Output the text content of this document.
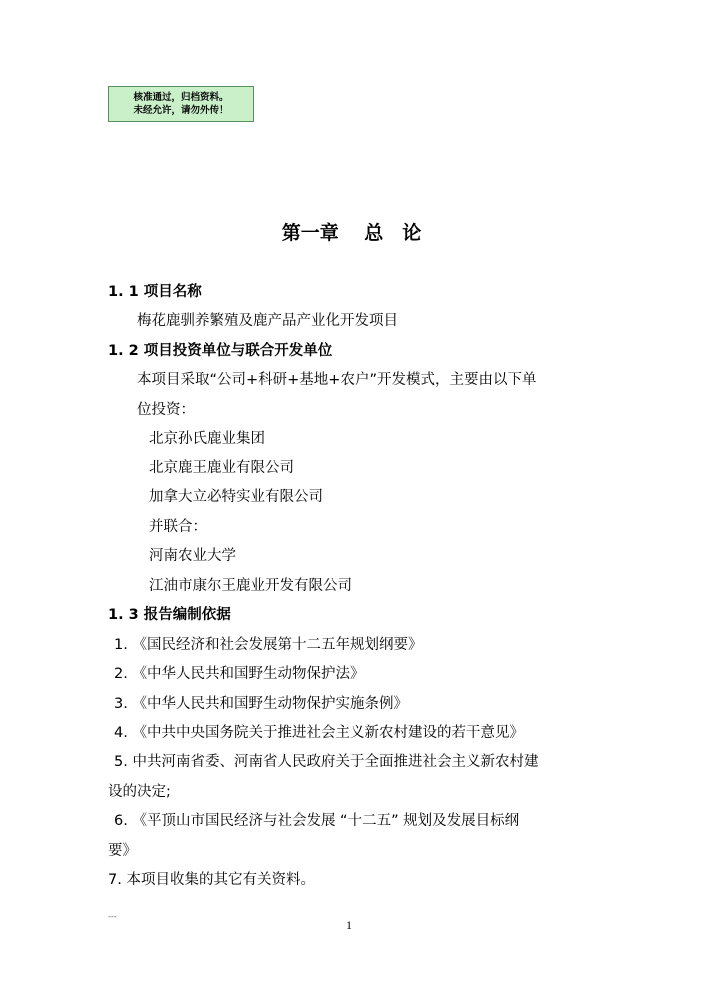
核准通过，归档资料。
未经允许，请勿外传！
第一章　 总　论
1. 1 项目名称
梅花鹿驯养繁殖及鹿产品产业化开发项目
1. 2 项目投资单位与联合开发单位
本项目采取“公司+科研+基地+农户”开发模式，主要由以下单
位投资：
北京孙氏鹿业集团
北京鹿王鹿业有限公司
加拿大立必特实业有限公司
并联合：
河南农业大学
江油市康尔王鹿业开发有限公司
1. 3 报告编制依据
1. 《国民经济和社会发展第十二五年规划纲要》
2. 《中华人民共和国野生动物保护法》
3. 《中华人民共和国野生动物保护实施条例》
4. 《中共中央国务院关于推进社会主义新农村建设的若干意见》
5. 中共河南省委、河南省人民政府关于全面推进社会主义新农村建
设的决定;
6. 《平顶山市国民经济与社会发展 “十二五” 规划及发展目标纲
要》
7. 本项目收集的其它有关资料。
---
1
